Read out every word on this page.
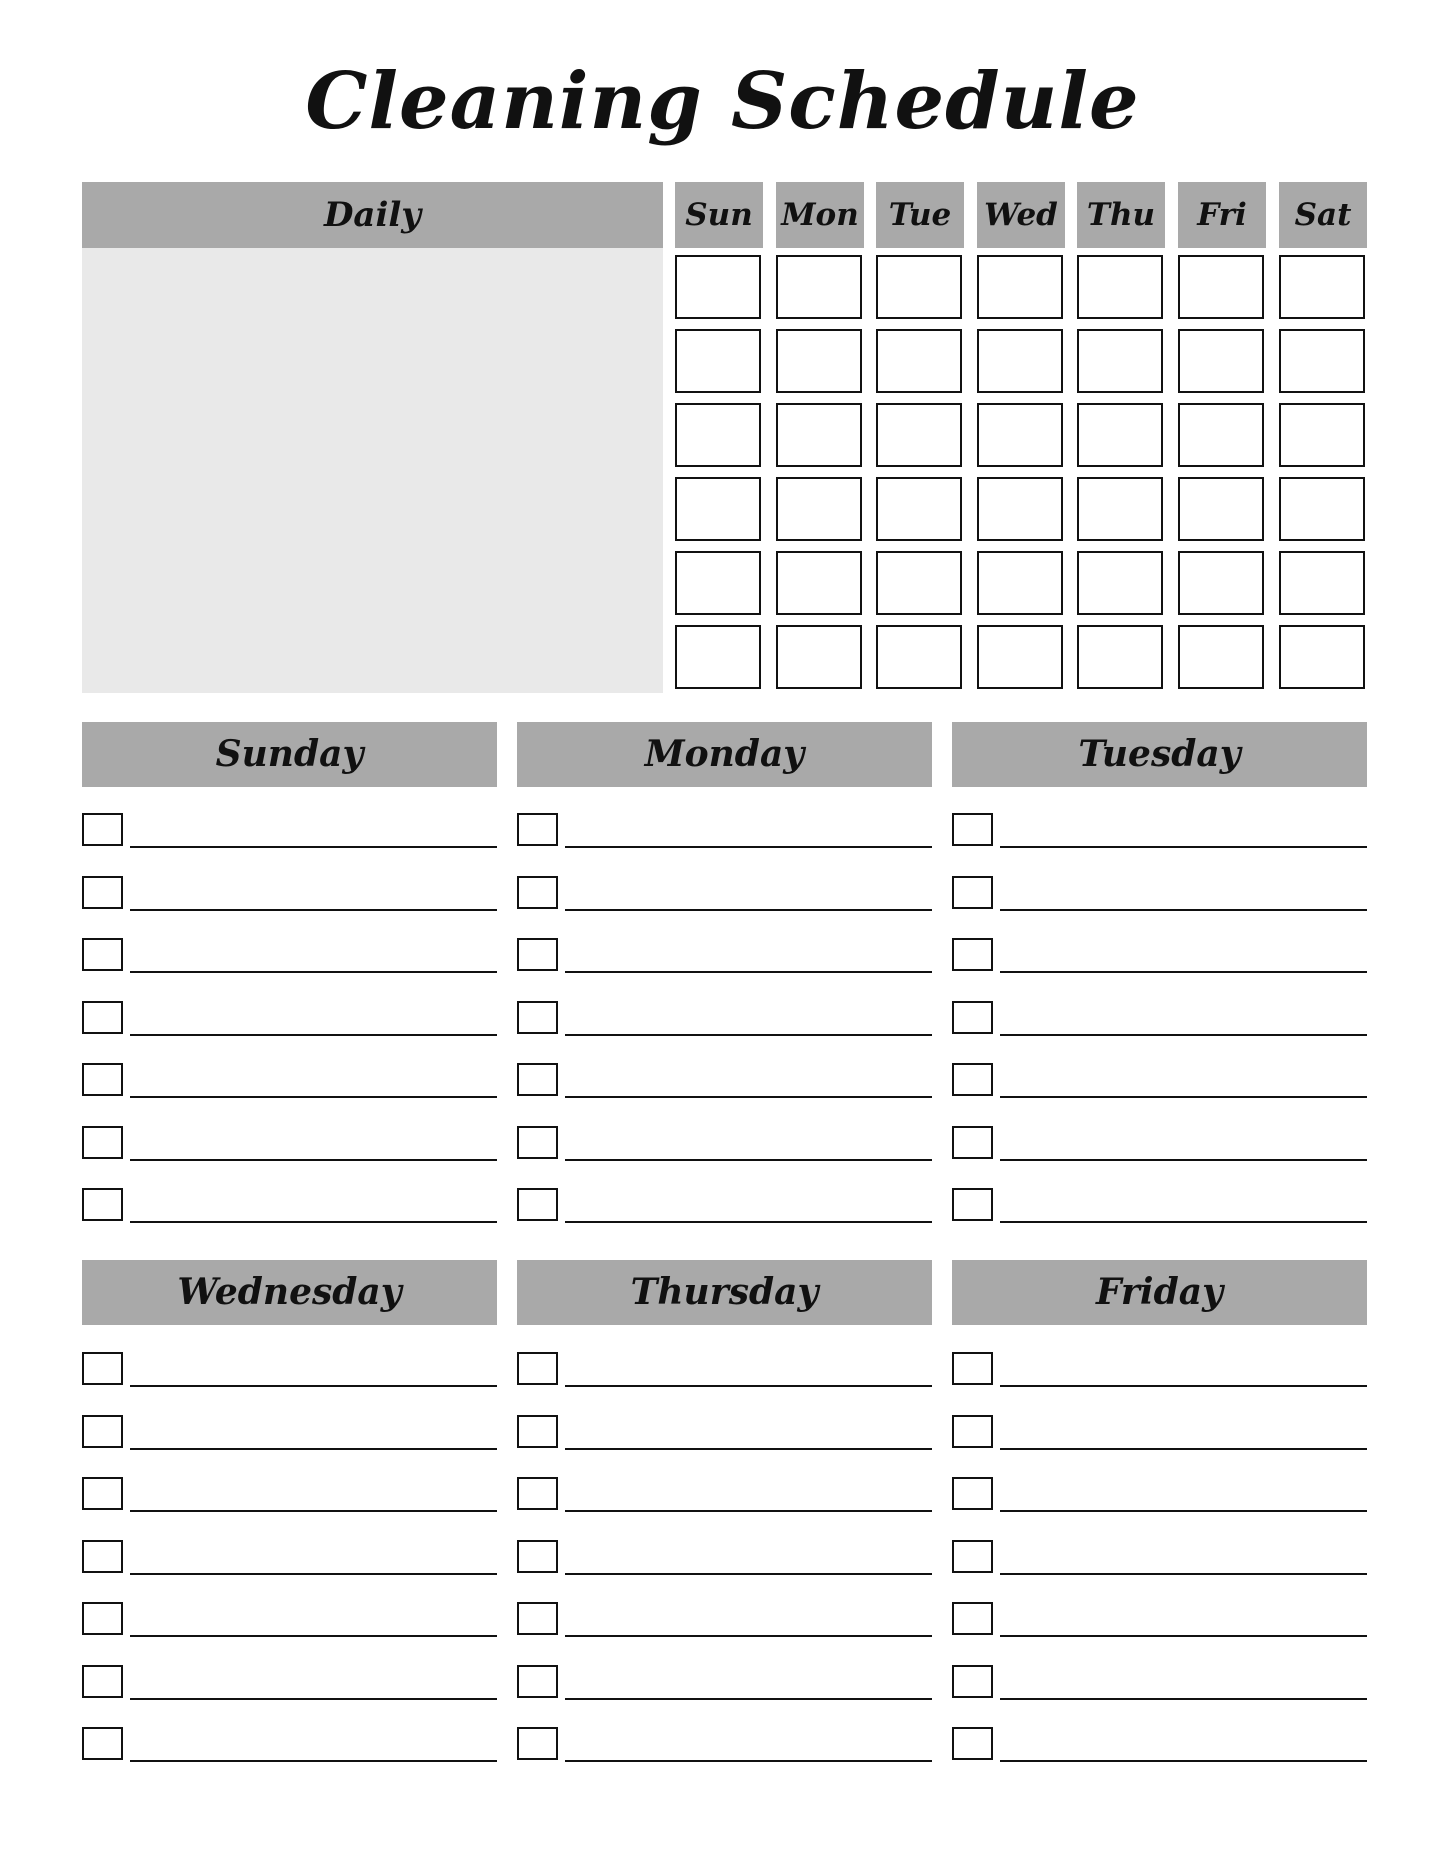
Cleaning Schedule
Daily	Sun Mon Tue	Wed Thu	Fri	Sat
Sunday	Monday	Tuesday
Wednesday	Thursday	Friday
